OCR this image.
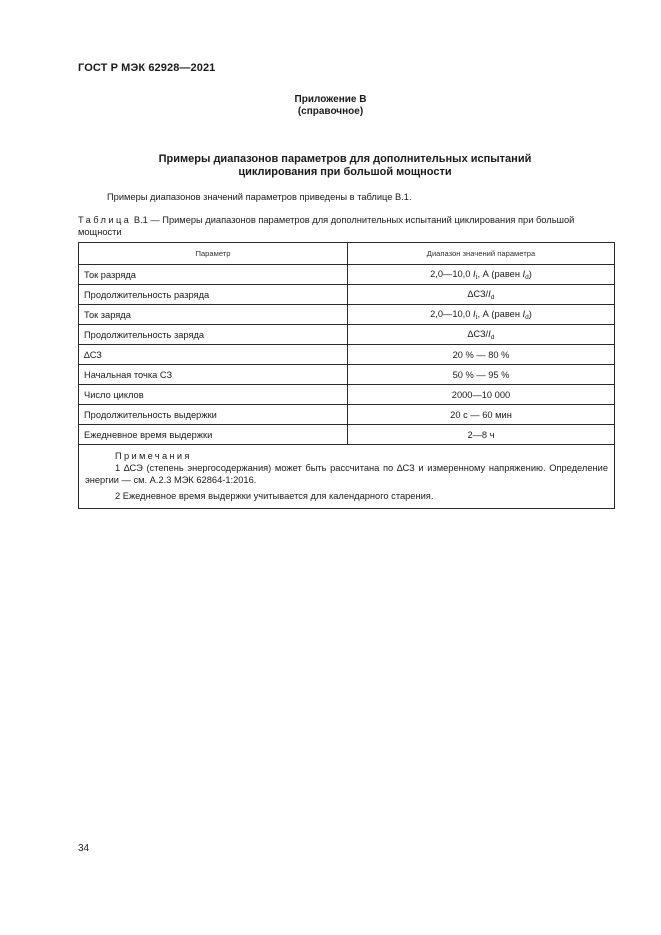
ГОСТ Р МЭК 62928—2021
Приложение В
(справочное)
Примеры диапазонов параметров для дополнительных испытаний
циклирования при большой мощности
Примеры диапазонов значений параметров приведены в таблице В.1.
Таблица В.1 — Примеры диапазонов параметров для дополнительных испытаний циклирования при большой мощности
Параметр	Диапазон значений параметра
Ток разряда	2,0—10,0 $I_t$, А (равен $I_d$)
Продолжительность разряда	$\Delta СЗ/I_d$
Ток заряда	2,0—10,0 $I_t$, А (равен $I_d$)
Продолжительность заряда	$\Delta СЗ/I_d$
∆СЗ	20 % — 80 %
Начальная точка СЗ	50 % — 95 %
Число циклов	2000—10 000
Продолжительность выдержки	20 с — 60 мин
Ежедневное время выдержки	2—8 ч

Примечания
1 ∆СЭ (степень энергосодержания) может быть рассчитана по ∆СЗ и измеренному напряжению. Определение энергии — см. А.2.3 МЭК 62864-1:2016.
2 Ежедневное время выдержки учитывается для календарного старения.	
34
